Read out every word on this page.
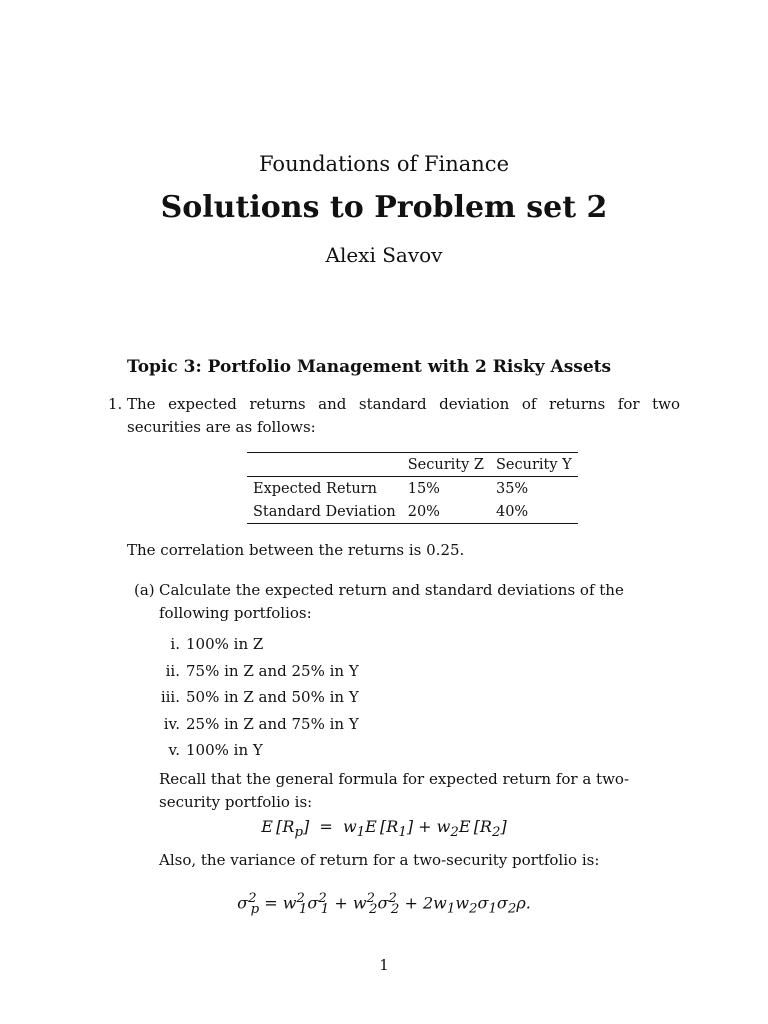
Foundations of Finance
Solutions to Problem set 2
Alexi Savov
Topic 3: Portfolio Management with 2 Risky Assets
1. The expected returns and standard deviation of returns for two securities are as follows:
	Security Z	Security Y
Expected Return	15%	35%
Standard Deviation	20%	40%
The correlation between the returns is 0.25.
(a) Calculate the expected return and standard deviations of the following portfolios:
i. 100% in Z
ii. 75% in Z and 25% in Y
iii. 50% in Z and 50% in Y
iv. 25% in Z and 75% in Y
v. 100% in Y
Recall that the general formula for expected return for a two-security portfolio is:
E $[R_p] = w_1E$ $[R_1] + w_2E$ $[R_2]$
Also, the variance of return for a two-security portfolio is:
$\sigma^2_p = w^2_1\sigma^2_1 + w^2_2\sigma^2_2 + 2w_1w_2\sigma_1\sigma_2\rho$.
1
